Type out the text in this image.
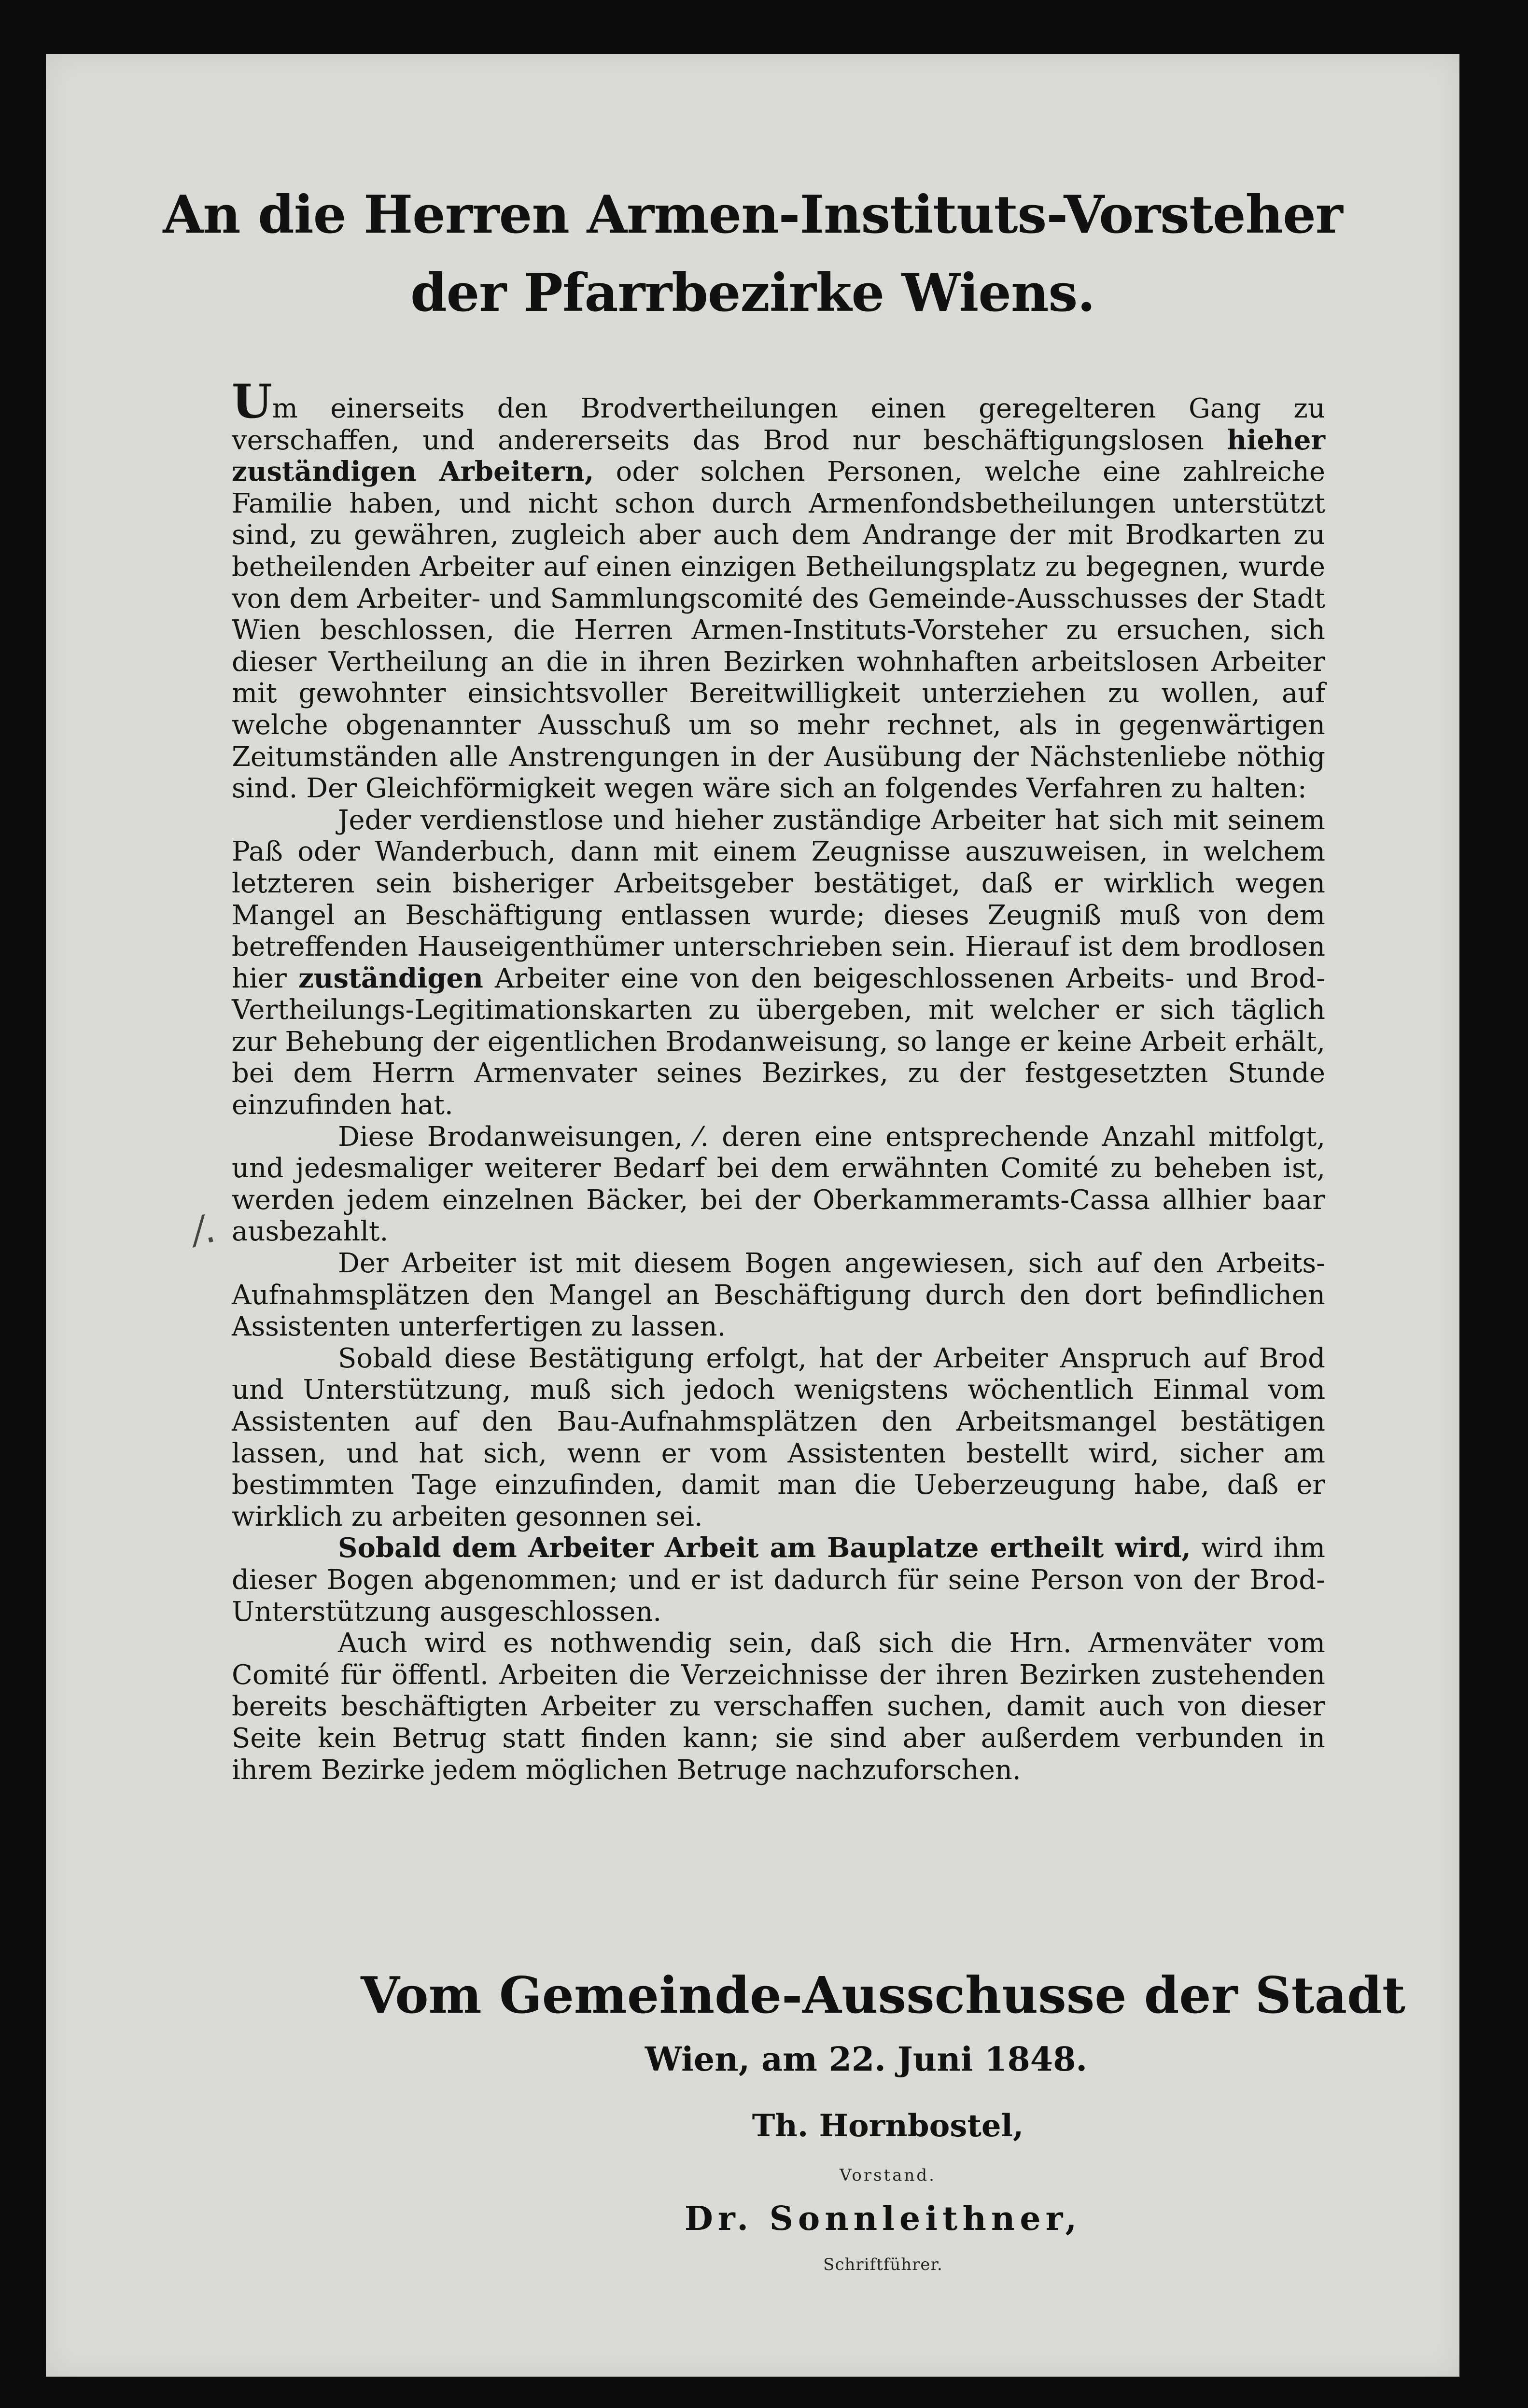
An die Herren Armen-Instituts-Vorsteher
der Pfarrbezirke Wiens.

Um einerseits den Brodvertheilungen einen geregelteren Gang zu verschaffen, und andererseits das Brod nur beschäftigungslosen hieher zuständigen Arbeitern, oder solchen Personen, welche eine zahlreiche Familie haben, und nicht schon durch Armenfondsbetheilungen unterstützt sind, zu gewähren, zugleich aber auch dem Andrange der mit Brodkarten zu betheilenden Arbeiter auf einen einzigen Betheilungsplatz zu begegnen, wurde von dem Arbeiter- und Sammlungscomité des Gemeinde-Ausschusses der Stadt Wien beschlossen, die Herren Armen-Instituts-Vorsteher zu ersuchen, sich dieser Vertheilung an die in ihren Bezirken wohnhaften arbeitslosen Arbeiter mit gewohnter einsichtsvoller Bereitwilligkeit unterziehen zu wollen, auf welche obgenannter Ausschuß um so mehr rechnet, als in gegenwärtigen Zeitumständen alle Anstrengungen in der Ausübung der Nächstenliebe nöthig sind. Der Gleichförmigkeit wegen wäre sich an folgendes Verfahren zu halten:

Jeder verdienstlose und hieher zuständige Arbeiter hat sich mit seinem Paß oder Wanderbuch, dann mit einem Zeugnisse auszuweisen, in welchem letzteren sein bisheriger Arbeitsgeber bestätiget, daß er wirklich wegen Mangel an Beschäftigung entlassen wurde; dieses Zeugniß muß von dem betreffenden Hauseigenthümer unterschrieben sein. Hierauf ist dem brodlosen hier zuständigen Arbeiter eine von den beigeschlossenen Arbeits- und Brod-Vertheilungs-Legitimationskarten zu übergeben, mit welcher er sich täglich zur Behebung der eigentlichen Brodanweisung, so lange er keine Arbeit erhält, bei dem Herrn Armenvater seines Bezirkes, zu der festgesetzten Stunde einzufinden hat.

Diese Brodanweisungen, ⁄. deren eine entsprechende Anzahl mitfolgt, und jedesmaliger weiterer Bedarf bei dem erwähnten Comité zu beheben ist, werden jedem einzelnen Bäcker, bei der Oberkammeramts-Cassa allhier baar ausbezahlt.

Der Arbeiter ist mit diesem Bogen angewiesen, sich auf den Arbeits-Aufnahmsplätzen den Mangel an Beschäftigung durch den dort befindlichen Assistenten unterfertigen zu lassen.

Sobald diese Bestätigung erfolgt, hat der Arbeiter Anspruch auf Brod und Unterstützung, muß sich jedoch wenigstens wöchentlich Einmal vom Assistenten auf den Bau-Aufnahmsplätzen den Arbeitsmangel bestätigen lassen, und hat sich, wenn er vom Assistenten bestellt wird, sicher am bestimmten Tage einzufinden, damit man die Ueberzeugung habe, daß er wirklich zu arbeiten gesonnen sei.

Sobald dem Arbeiter Arbeit am Bauplatze ertheilt wird, wird ihm dieser Bogen abgenommen; und er ist dadurch für seine Person von der Brod-Unterstützung ausgeschlossen.

Auch wird es nothwendig sein, daß sich die Hrn. Armenväter vom Comité für öffentl. Arbeiten die Verzeichnisse der ihren Bezirken zustehenden bereits beschäftigten Arbeiter zu verschaffen suchen, damit auch von dieser Seite kein Betrug statt finden kann; sie sind aber außerdem verbunden in ihrem Bezirke jedem möglichen Betruge nachzuforschen.

⁄.
Vom Gemeinde-Ausschusse der Stadt
Wien, am 22. Juni 1848.
Th. Hornbostel,
Vorstand.
Dr. Sonnleithner,
Schriftführer.
